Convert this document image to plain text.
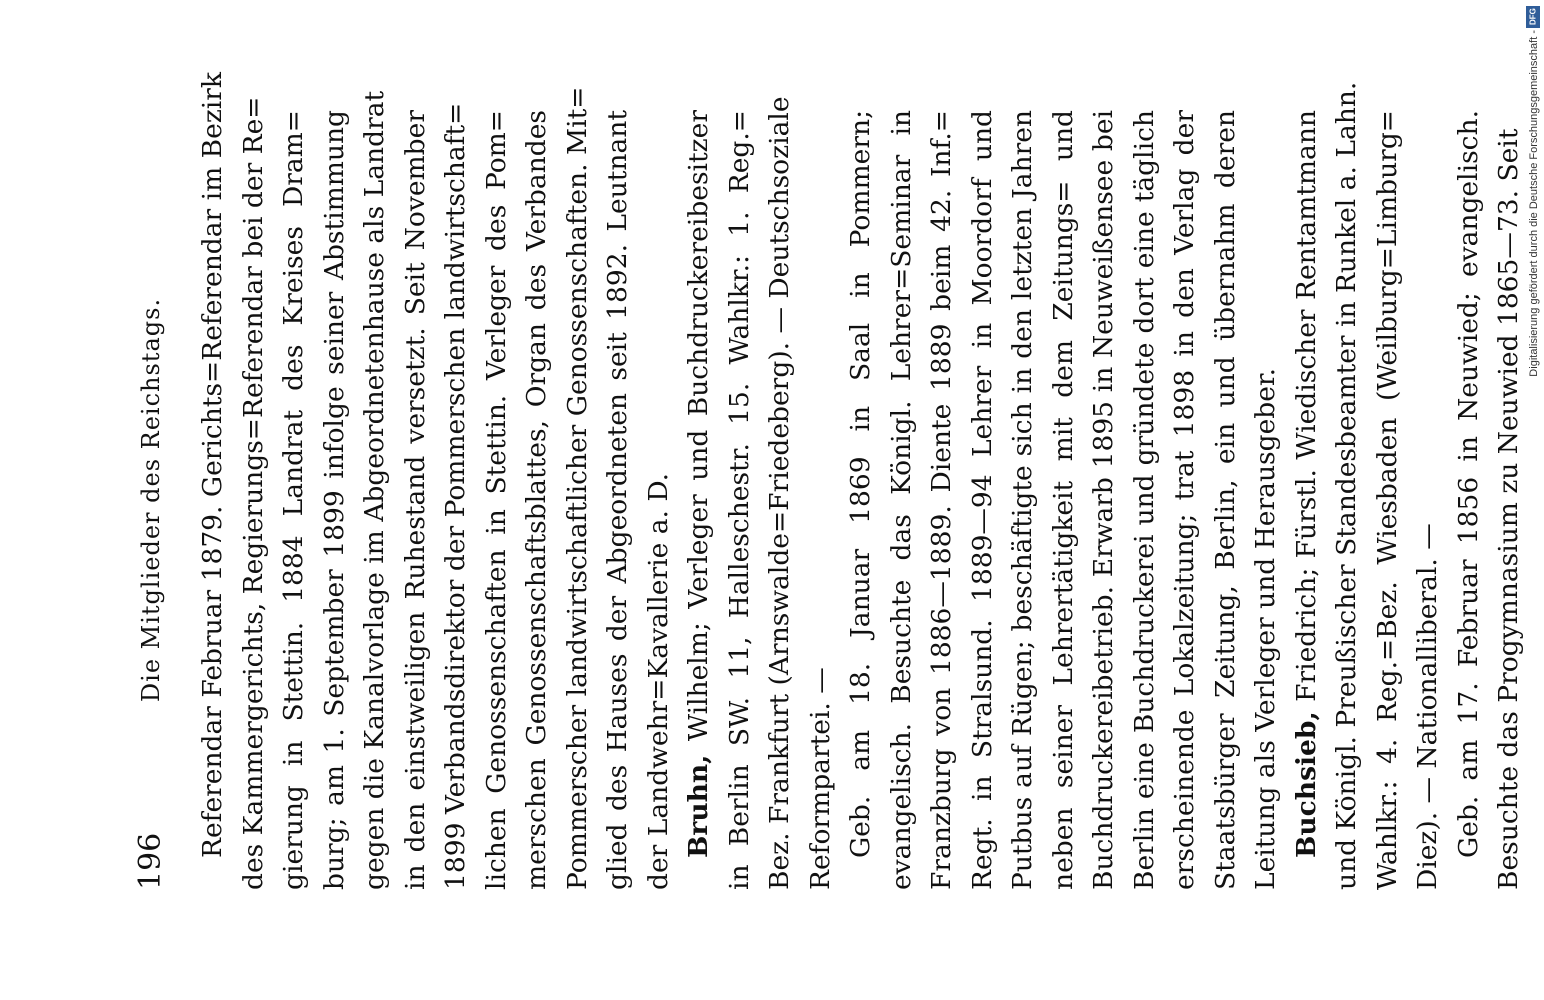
196
Die Mitglieder des Reichstags. Referendar Februar 1879. Gerichts=Referendar im Bezirk des Kammergerichts, Regierungs=Referendar bei der Re= gierung in Stettin. 1884 Landrat des Kreises Dram= burg; am 1. September 1899 infolge seiner Abstimmung gegen die Kanalvorlage im Abgeordnetenhause als Landrat in den einstweiligen Ruhestand versetzt. Seit November 1899 Verbandsdirektor der Pommerschen landwirtschaft= lichen Genossenschaften in Stettin. Verleger des Pom= merschen Genossenschaftsblattes, Organ des Verbandes Pommerscher landwirtschaftlicher Genossenschaften. Mit= glied des Hauses der Abgeordneten seit 1892. Leutnant der Landwehr=Kavallerie a. D. Bruhn, Wilhelm; Verleger und Buchdruckereibesitzer in Berlin SW. 11, Halleschestr. 15. Wahlkr.: 1. Reg.= Bez. Frankfurt (Arnswalde=Friedeberg). — Deutschsoziale Reformpartei. — Geb. am 18. Januar 1869 in Saal in Pommern; evangelisch. Besuchte das Königl. Lehrer=Seminar in Franzburg von 1886—1889. Diente 1889 beim 42. Inf.= Regt. in Stralsund. 1889—94 Lehrer in Moordorf und Putbus auf Rügen; beschäftigte sich in den letzten Jahren neben seiner Lehrertätigkeit mit dem Zeitungs= und Buchdruckereibetrieb. Erwarb 1895 in Neuweißensee bei Berlin eine Buchdruckerei und gründete dort eine täglich erscheinende Lokalzeitung; trat 1898 in den Verlag der Staatsbürger Zeitung, Berlin, ein und übernahm deren Leitung als Verleger und Herausgeber. Buchsieb, Friedrich; Fürstl. Wiedischer Rentamtmann und Königl. Preußischer Standesbeamter in Runkel a. Lahn. Wahlkr.: 4. Reg.=Bez. Wiesbaden (Weilburg=Limburg= Diez). — Nationalliberal. — Geb. am 17. Februar 1856 in Neuwied; evangelisch. Besuchte das Progymnasium zu Neuwied 1865—73. Seit
DFG
Digitalisierung gefördert durch die Deutsche Forschungsgemeinschaft -
